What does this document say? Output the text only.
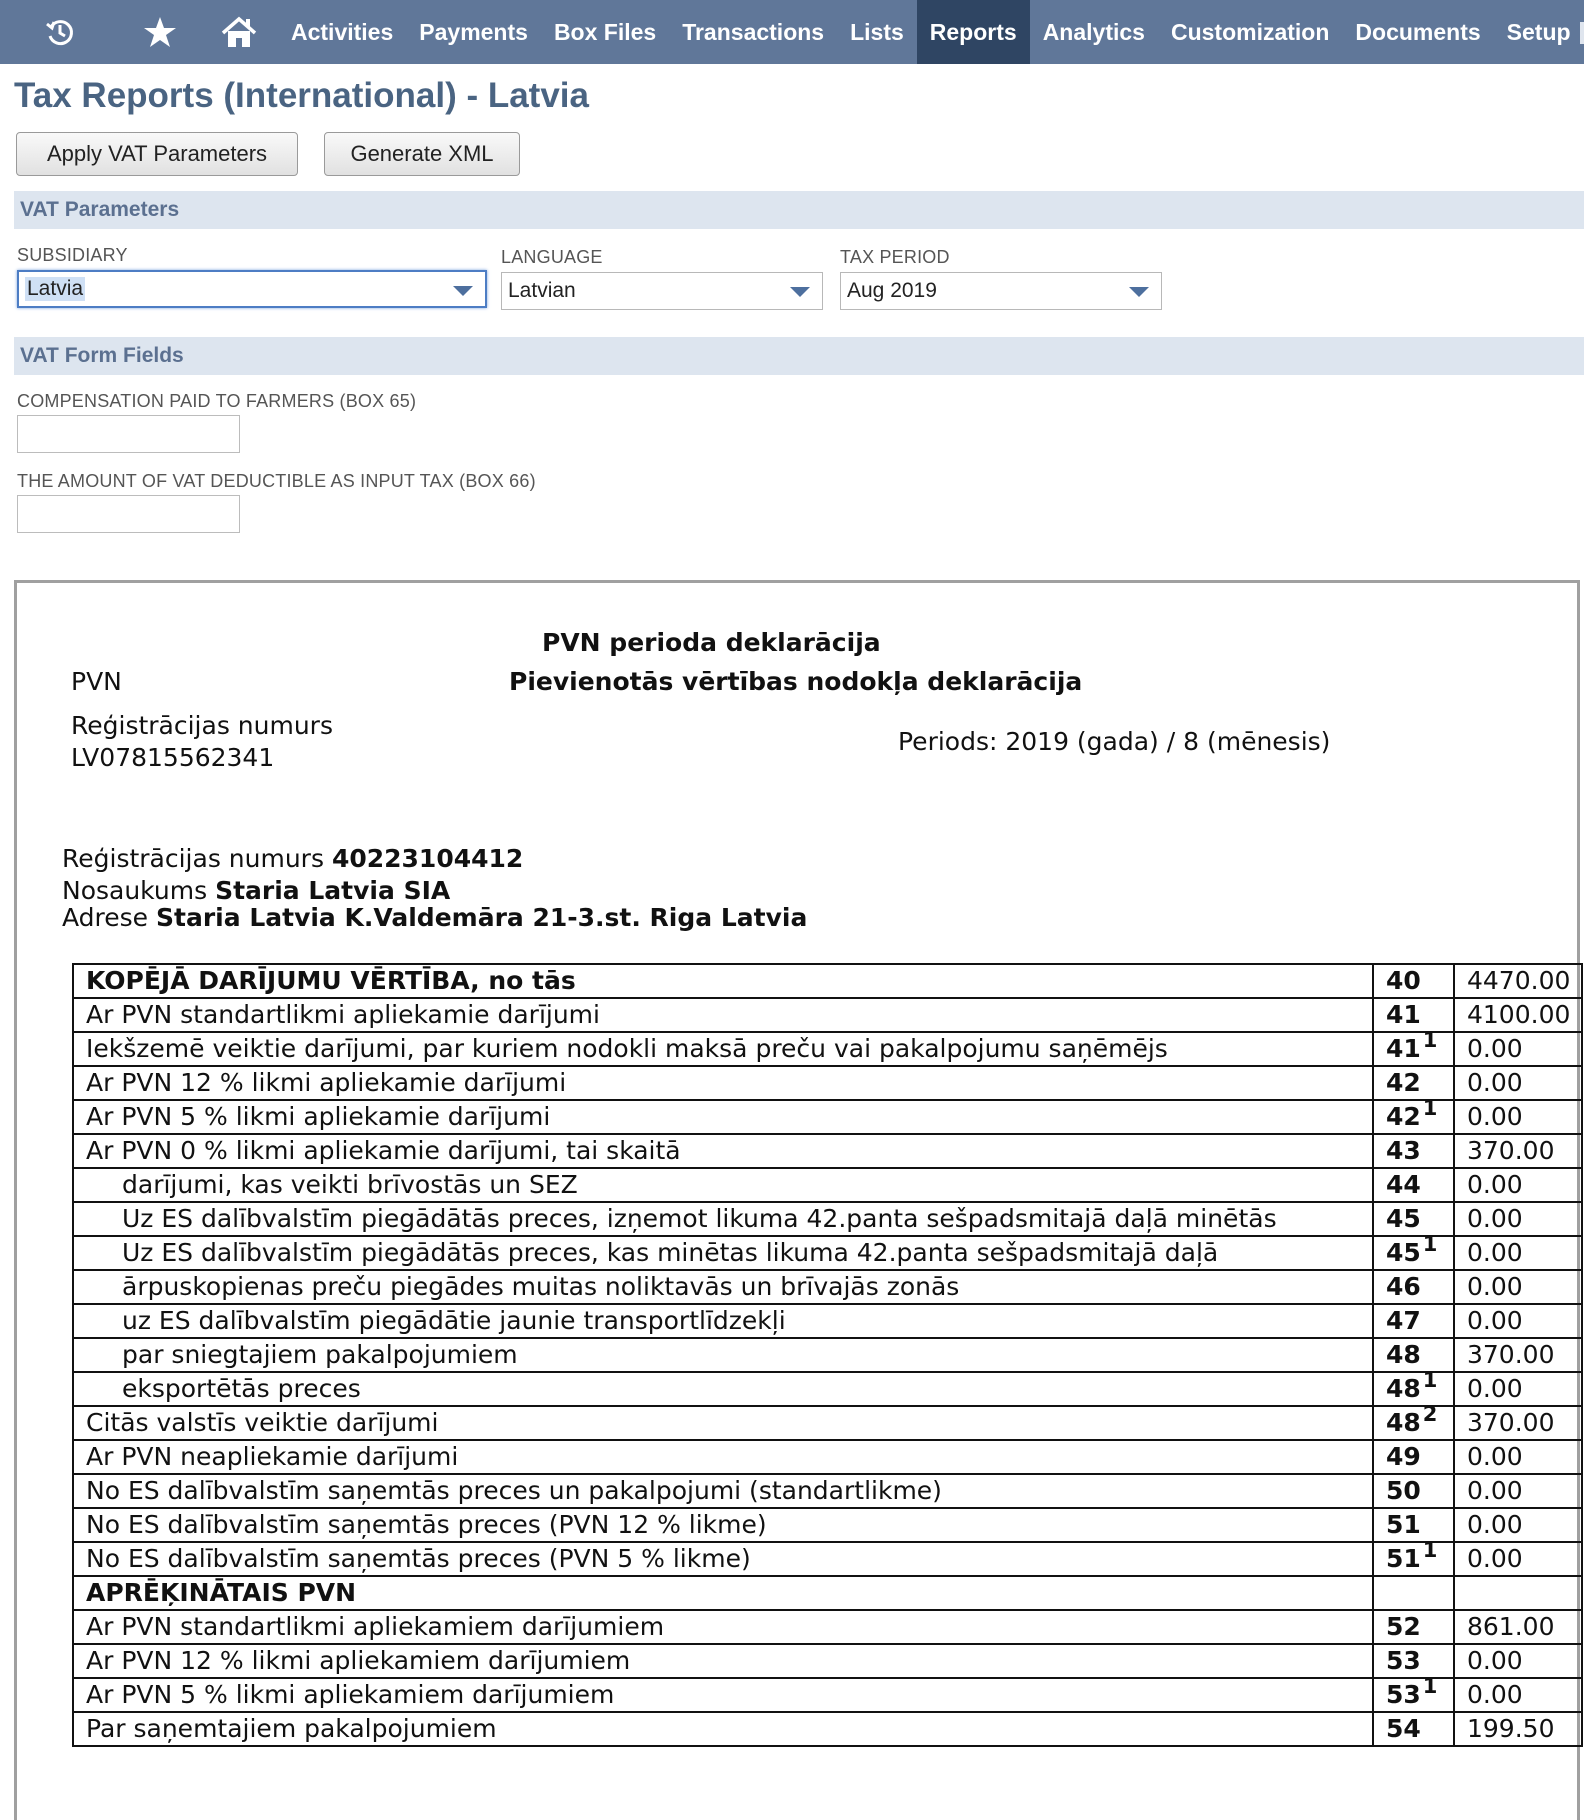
Activities	Payments	Box Files	Transactions	Lists	Reports	Analytics	Customization	Documents	Setup
Tax Reports (International) - Latvia
Apply VAT Parameters	Generate XML
VAT Parameters
SUBSIDIARY
Latvia
LANGUAGE
Latvian
TAX PERIOD
Aug 2019
VAT Form Fields
COMPENSATION PAID TO FARMERS (BOX 65)
THE AMOUNT OF VAT DEDUCTIBLE AS INPUT TAX (BOX 66)
PVN perioda deklarācija
Pievienotās vērtības nodokļa deklarācija
PVN
Reģistrācijas numurs
LV07815562341
Periods: 2019 (gada) / 8 (mēnesis)
Reģistrācijas numurs 40223104412
Nosaukums Staria Latvia SIA
Adrese Staria Latvia K.Valdemāra 21-3.st. Riga Latvia
KOPĒJĀ DARĪJUMU VĒRTĪBA, no tās	40	4470.00
Ar PVN standartlikmi apliekamie darījumi	41	4100.00
Iekšzemē veiktie darījumi, par kuriem nodokli maksā preču vai pakalpojumu saņēmējs	$41^1$	0.00
Ar PVN 12 % likmi apliekamie darījumi	42	0.00
Ar PVN 5 % likmi apliekamie darījumi	$42^1$	0.00
Ar PVN 0 % likmi apliekamie darījumi, tai skaitā	43	370.00
darījumi, kas veikti brīvostās un SEZ	44	0.00
Uz ES dalībvalstīm piegādātās preces, izņemot likuma 42.panta sešpadsmitajā daļā minētās	45	0.00
Uz ES dalībvalstīm piegādātās preces, kas minētas likuma 42.panta sešpadsmitajā daļā	$45^1$	0.00
ārpuskopienas preču piegādes muitas noliktavās un brīvajās zonās	46	0.00
uz ES dalībvalstīm piegādātie jaunie transportlīdzekļi	47	0.00
par sniegtajiem pakalpojumiem	48	370.00
eksportētās preces	$48^1$	0.00
Citās valstīs veiktie darījumi	$48^2$	370.00
Ar PVN neapliekamie darījumi	49	0.00
No ES dalībvalstīm saņemtās preces un pakalpojumi (standartlikme)	50	0.00
No ES dalībvalstīm saņemtās preces (PVN 12 % likme)	51	0.00
No ES dalībvalstīm saņemtās preces (PVN 5 % likme)	$51^1$	0.00
APRĒĶINĀTAIS PVN		
Ar PVN standartlikmi apliekamiem darījumiem	52	861.00
Ar PVN 12 % likmi apliekamiem darījumiem	53	0.00
Ar PVN 5 % likmi apliekamiem darījumiem	$53^1$	0.00
Par saņemtajiem pakalpojumiem	54	199.50
